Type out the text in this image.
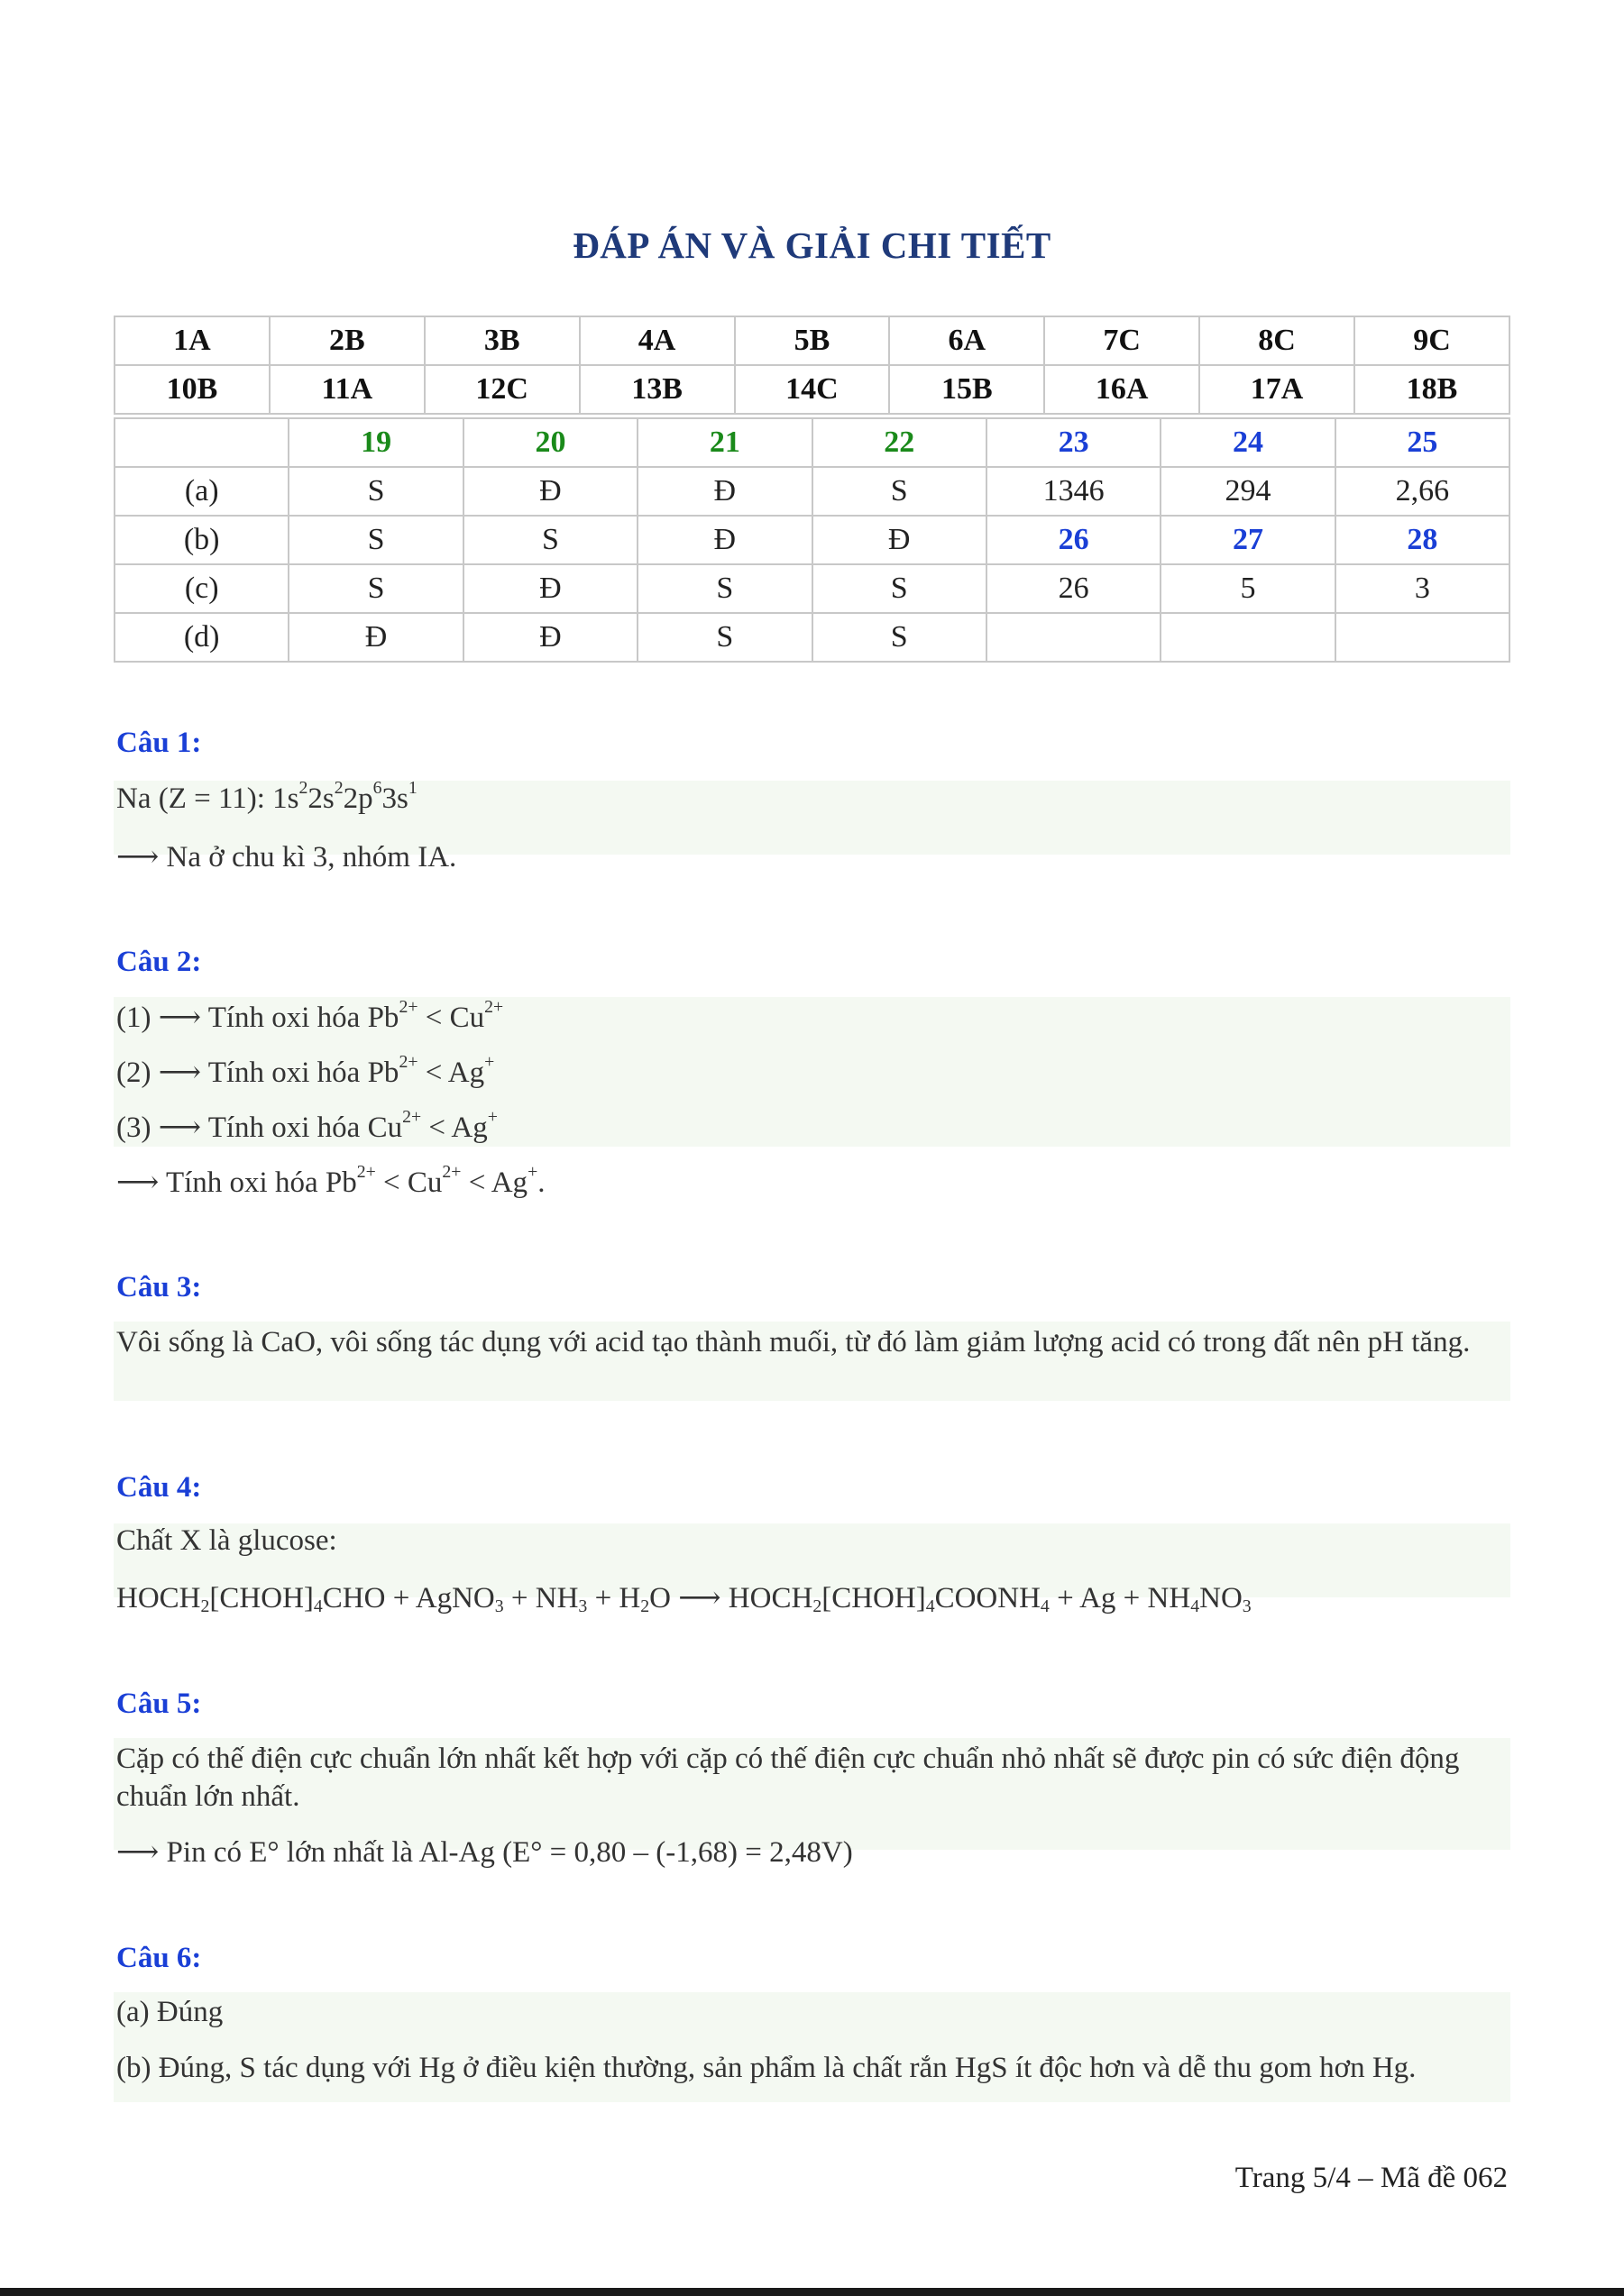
ĐÁP ÁN VÀ GIẢI CHI TIẾT
1A	2B	3B	4A	5B	6A	7C	8C	9C
10B	11A	12C	13B	14C	15B	16A	17A	18B
	19	20	21	22	23	24	25
(a)	S	Đ	Đ	S	1346	294	2,66
(b)	S	S	Đ	Đ	26	27	28
(c)	S	Đ	S	S	26	5	3
(d)	Đ	Đ	S	S			
Câu 1:
Na (Z = 11): $1s^22s^22p^63s^1$
⟶ Na ở chu kì 3, nhóm IA.
Câu 2:
(1) ⟶ Tính oxi hóa $Pb^{2+} < Cu^{2+}$
(2) ⟶ Tính oxi hóa $Pb^{2+} < Ag^+$
(3) ⟶ Tính oxi hóa $Cu^{2+} < Ag^+$
⟶ Tính oxi hóa $Pb^{2+} < Cu^{2+} < Ag^+$.
Câu 3:
Vôi sống là CaO, vôi sống tác dụng với acid tạo thành muối, từ đó làm giảm lượng acid có trong đất nên pH tăng.
Câu 4:
Chất X là glucose:
$HOCH_2[CHOH]_4CHO$ + AgNO$_3$ + $NH_3 + H_2O$ ⟶ $HOCH_2[CHOH]_4COONH_4 + Ag + NH_4NO_3$
Câu 5:
Cặp có thế điện cực chuẩn lớn nhất kết hợp với cặp có thế điện cực chuẩn nhỏ nhất sẽ được pin có sức điện động chuẩn lớn nhất.
⟶ Pin có E° lớn nhất là Al-Ag (E° = 0,80 – (-1,68) = 2,48V)
Câu 6:
(a) Đúng
(b) Đúng, S tác dụng với Hg ở điều kiện thường, sản phẩm là chất rắn HgS ít độc hơn và dễ thu gom hơn Hg.
Trang 5/4 – Mã đề 062
